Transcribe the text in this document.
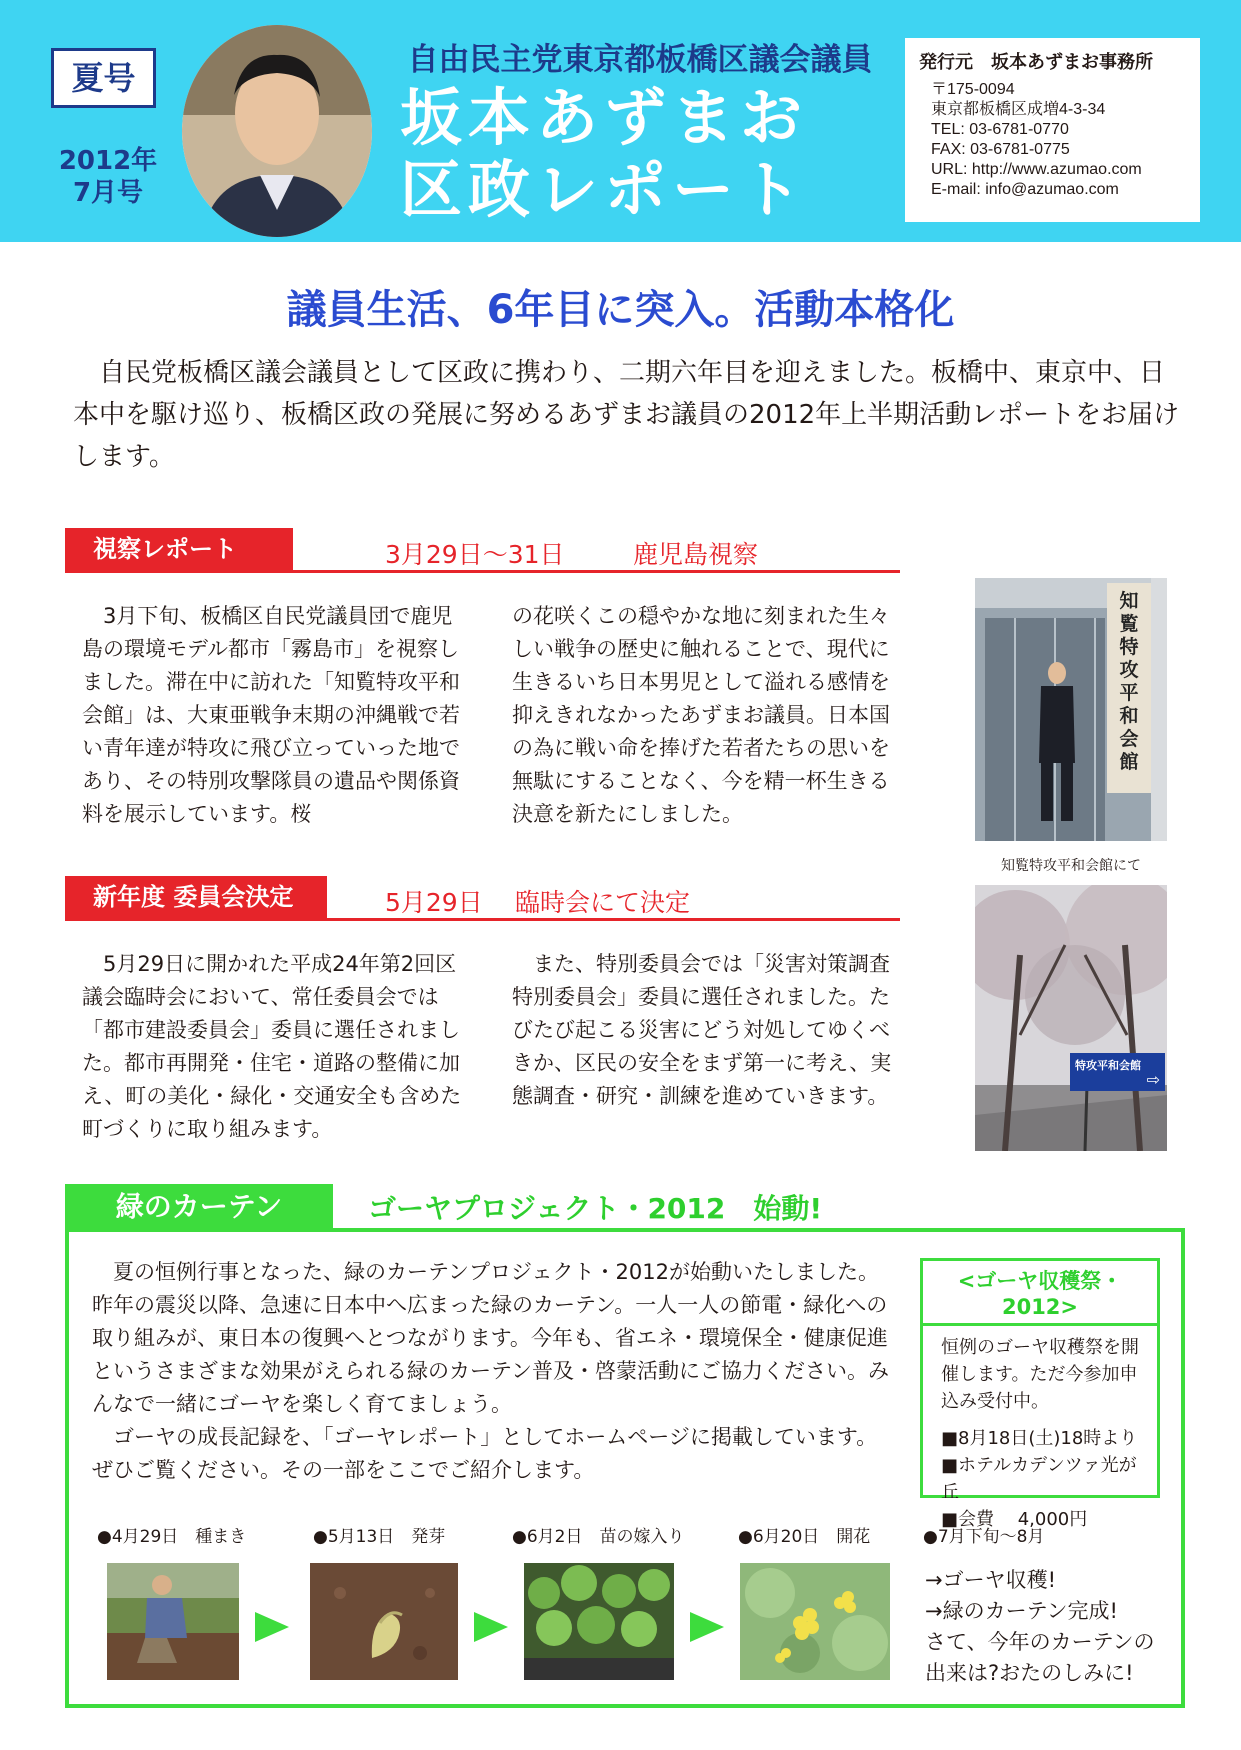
夏号
2012年
7月号
自由民主党東京都板橋区議会議員
坂本あずまお
区政レポート
発行元　坂本あずまお事務所
〒175-0094
東京都板橋区成増4-3-34
TEL: 03-6781-0770
FAX: 03-6781-0775
URL: http://www.azumao.com
E-mail: info@azumao.com
議員生活、6年目に突入。活動本格化
自民党板橋区議会議員として区政に携わり、二期六年目を迎えました。板橋中、東京中、日本中を駆け巡り、板橋区政の発展に努めるあずまお議員の2012年上半期活動レポートをお届けします。
視察レポート	3月29日〜31日	鹿児島視察
3月下旬、板橋区自民党議員団で鹿児島の環境モデル都市「霧島市」を視察しました。滞在中に訪れた「知覧特攻平和会館」は、大東亜戦争末期の沖縄戦で若い青年達が特攻に飛び立っていった地であり、その特別攻撃隊員の遺品や関係資料を展示しています。桜
の花咲くこの穏やかな地に刻まれた生々しい戦争の歴史に触れることで、現代に生きるいち日本男児として溢れる感情を抑えきれなかったあずまお議員。日本国の為に戦い命を捧げた若者たちの思いを無駄にすることなく、今を精一杯生きる決意を新たにしました。
知覧特攻平和会館
知覧特攻平和会館にて
新年度 委員会決定	5月29日 臨時会にて決定
5月29日に開かれた平成24年第2回区議会臨時会において、常任委員会では「都市建設委員会」委員に選任されました。都市再開発・住宅・道路の整備に加え、町の美化・緑化・交通安全も含めた町づくりに取り組みます。
また、特別委員会では「災害対策調査特別委員会」委員に選任されました。たびたび起こる災害にどう対処してゆくべきか、区民の安全をまず第一に考え、実態調査・研究・訓練を進めていきます。
⇨
特攻平和会館
緑のカーテン	ゴーヤプロジェクト・2012　始動!
夏の恒例行事となった、緑のカーテンプロジェクト・2012が始動いたしました。昨年の震災以降、急速に日本中へ広まった緑のカーテン。一人一人の節電・緑化への取り組みが、東日本の復興へとつながります。今年も、省エネ・環境保全・健康促進というさまざまな効果がえられる緑のカーテン普及・啓蒙活動にご協力ください。みんなで一緒にゴーヤを楽しく育てましょう。
ゴーヤの成長記録を、「ゴーヤレポート」としてホームページに掲載しています。ぜひご覧ください。その一部をここでご紹介します。
<ゴーヤ収穫祭・2012>
恒例のゴーヤ収穫祭を開催します。ただ今参加申込み受付中。
■8月18日(土)18時より
■ホテルカデンツァ光が丘
■会費　 4,000円
●4月29日　種まき	●5月13日　発芽	●6月2日　苗の嫁入り	●6月20日　開花	●7月下旬〜8月
→ゴーヤ収穫!
→緑のカーテン完成!
さて、今年のカーテンの
出来は?おたのしみに!
